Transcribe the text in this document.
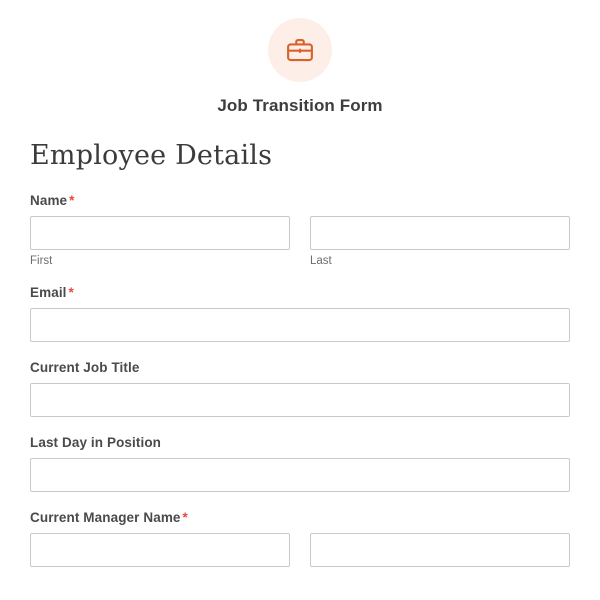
Job Transition Form
Employee Details
Name *
First	Last
Email *
Current Job Title
Last Day in Position
Current Manager Name *
